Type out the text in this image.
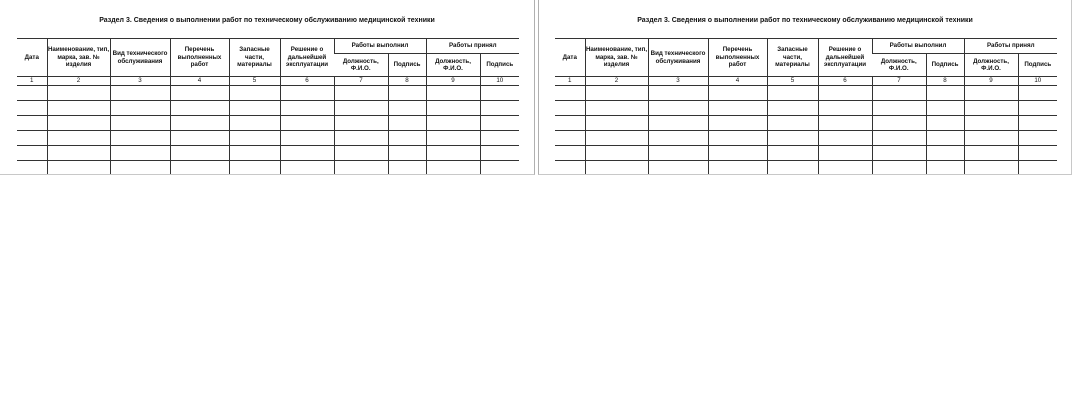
Раздел 3. Сведения о выполнении работ по техническому обслуживанию медицинской техники
Дата	Наименование, тип, марка, зав. № изделия	Вид технического обслуживания	Перечень выполненных работ	Запасные части, материалы	Решение о дальнейшей эксплуатации	Работы выполнил		Работы принял	
						Должность, Ф.И.О.	Подпись	Должность, Ф.И.О.	Подпись
1	2	3	4	5	6	7	8	9	10

Раздел 3. Сведения о выполнении работ по техническому обслуживанию медицинской техники
Дата	Наименование, тип, марка, зав. № изделия	Вид технического обслуживания	Перечень выполненных работ	Запасные части, материалы	Решение о дальнейшей эксплуатации	Работы выполнил		Работы принял	
						Должность, Ф.И.О.	Подпись	Должность, Ф.И.О.	Подпись
1	2	3	4	5	6	7	8	9	10
